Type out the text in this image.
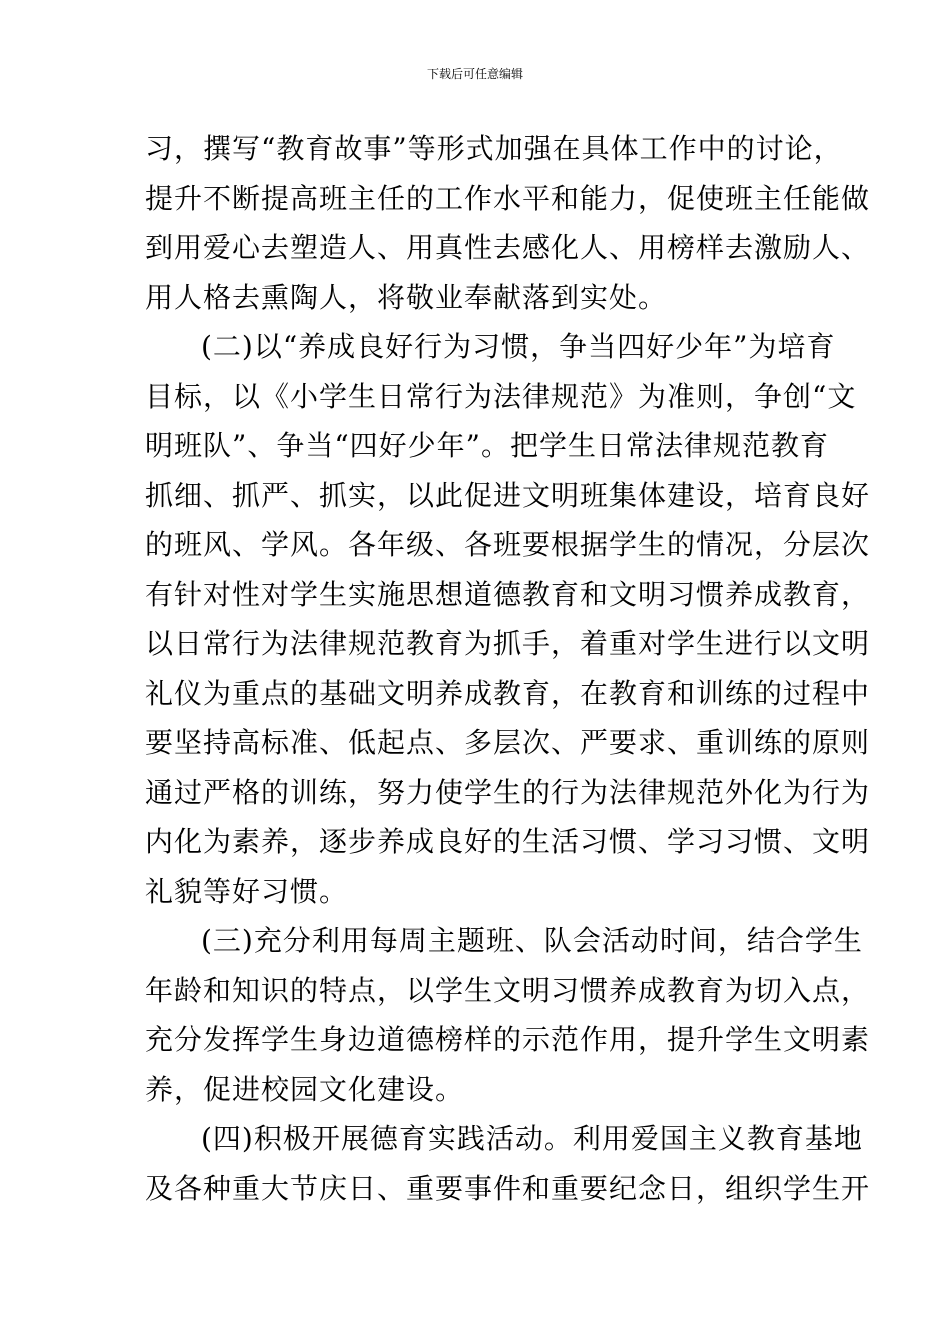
下载后可任意编辑
习，撰写“教育故事”等形式加强在具体工作中的讨论，
提升不断提高班主任的工作水平和能力，促使班主任能做
到用爱心去塑造人、用真性去感化人、用榜样去激励人、
用人格去熏陶人，将敬业奉献落到实处。
(二)以“养成良好行为习惯，争当四好少年”为培育
目标，以《小学生日常行为法律规范》为准则，争创“文
明班队”、争当“四好少年”。把学生日常法律规范教育
抓细、抓严、抓实，以此促进文明班集体建设，培育良好
的班风、学风。各年级、各班要根据学生的情况，分层次
有针对性对学生实施思想道德教育和文明习惯养成教育，
以日常行为法律规范教育为抓手，着重对学生进行以文明
礼仪为重点的基础文明养成教育，在教育和训练的过程中
要坚持高标准、低起点、多层次、严要求、重训练的原则
通过严格的训练，努力使学生的行为法律规范外化为行为
内化为素养，逐步养成良好的生活习惯、学习习惯、文明
礼貌等好习惯。
(三)充分利用每周主题班、队会活动时间，结合学生
年龄和知识的特点，以学生文明习惯养成教育为切入点，
充分发挥学生身边道德榜样的示范作用，提升学生文明素
养，促进校园文化建设。
(四)积极开展德育实践活动。利用爱国主义教育基地
及各种重大节庆日、重要事件和重要纪念日，组织学生开
